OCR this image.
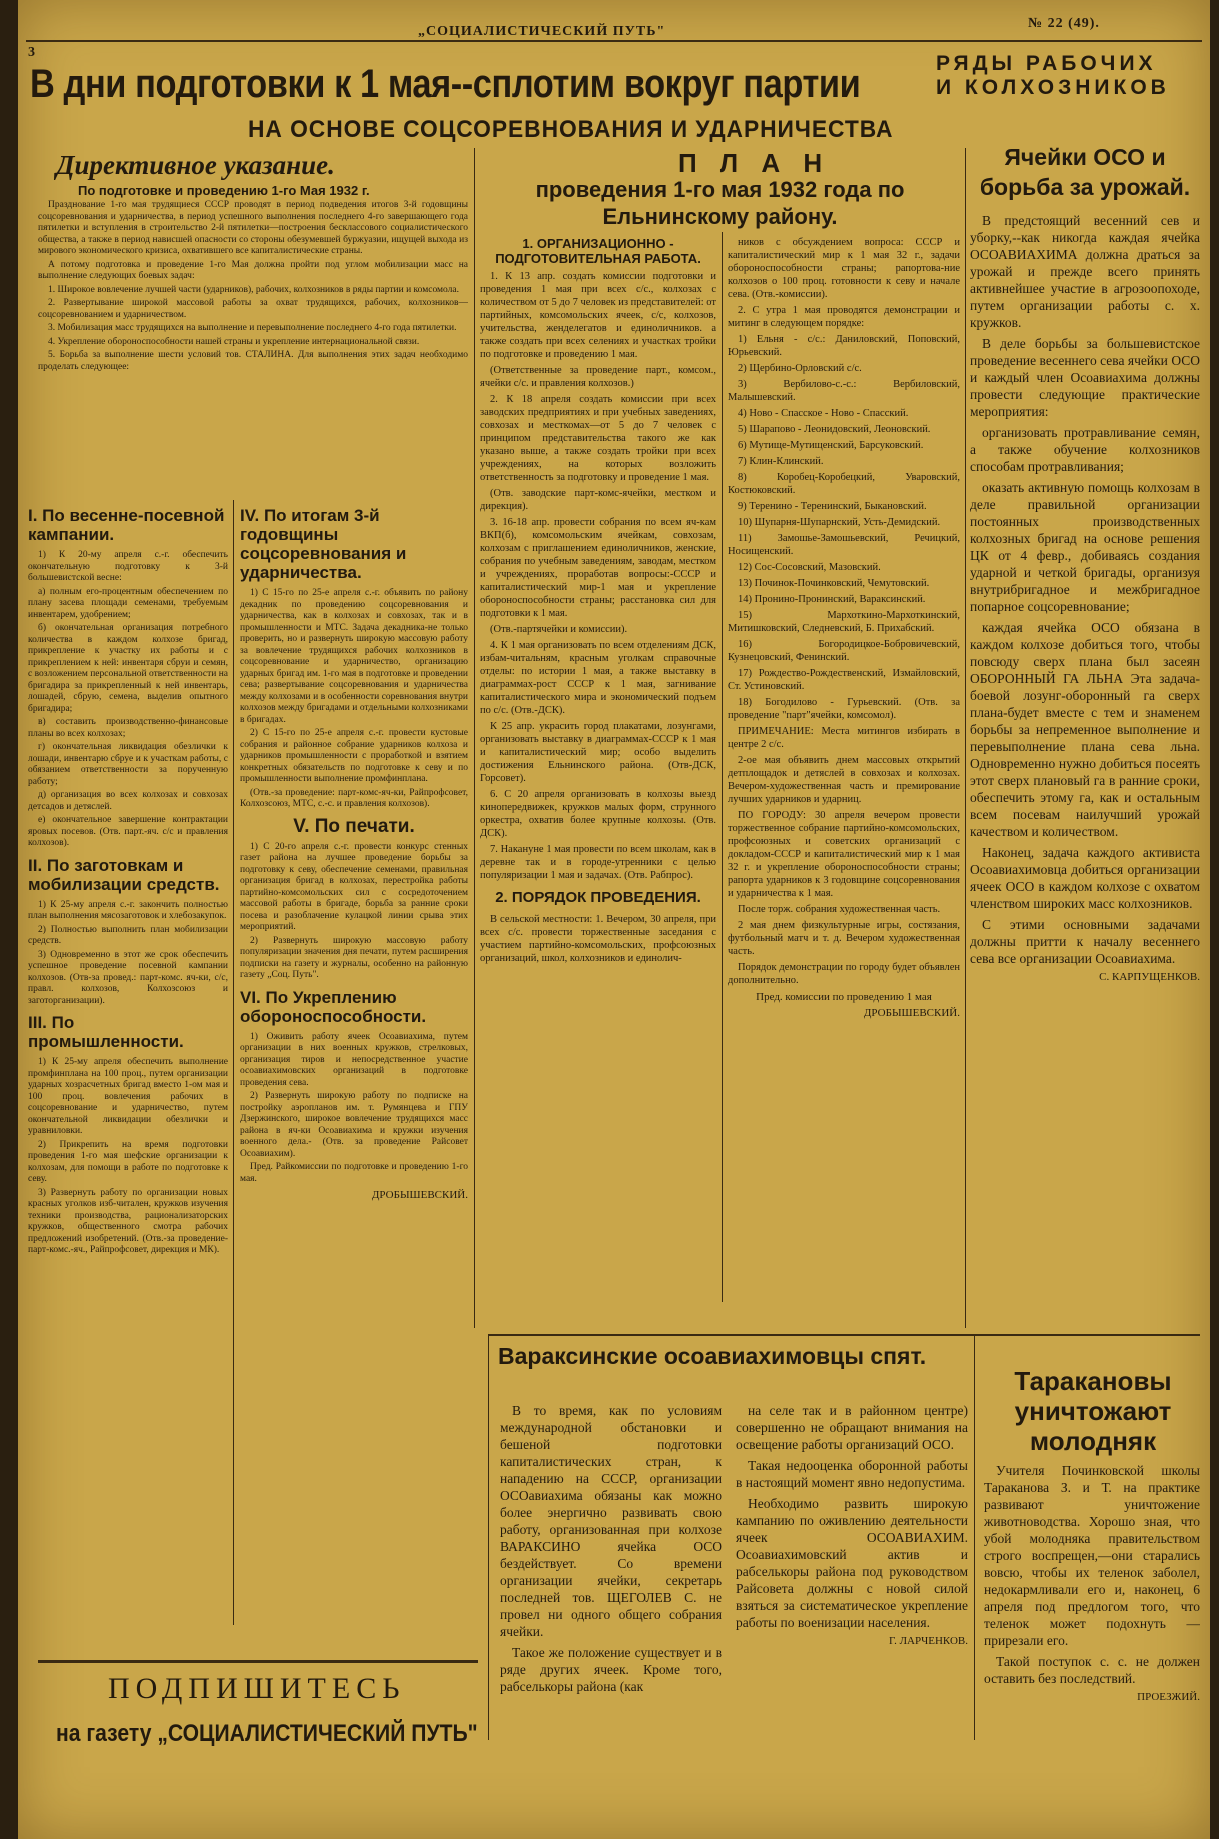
3
„СОЦИАЛИСТИЧЕСКИЙ ПУТЬ"
№ 22 (49).
В дни подготовки к 1 мая--сплотим вокруг партии	РЯДЫ РАБОЧИХ
И КОЛХОЗНИКОВ
НА ОСНОВЕ СОЦСОРЕВНОВАНИЯ И УДАРНИЧЕСТВА
Директивное указание.
По подготовке и проведению 1-го Мая 1932 г.

Празднование 1-го мая трудящиеся СССР проводят в период подведения итогов 3-й годовщины соцсоревнования и ударничества, в период успешного выполнения последнего 4-го завершающего года пятилетки и вступления в строительство 2-й пятилетки—построения бесклассового социалистического общества, а также в период нависшей опасности со стороны обезумевшей буржуазии, ищущей выхода из мирового экономического кризиса, охватившего все капиталистические страны.

А потому подготовка и проведение 1-го Мая должна пройти под углом мобилизации масс на выполнение следующих боевых задач:

1. Широкое вовлечение лучшей части (ударников), рабочих, колхозников в ряды партии и комсомола.

2. Развертывание широкой массовой работы за охват трудящихся, рабочих, колхозников—соцсоревнованием и ударничеством.

3. Мобилизация масс трудящихся на выполнение и перевыполнение последнего 4-го года пятилетки.

4. Укрепление обороноспособности нашей страны и укрепление интернациональной связи.

5. Борьба за выполнение шести условий тов. СТАЛИНА. Для выполнения этих задач необходимо проделать следующее:

I. По весенне-посевной кампании.

1) К 20-му апреля с.-г. обеспечить окончательную подготовку к 3-й большевистской весне:

а) полным его-процентным обеспечением по плану засева площади семенами, требуемым инвентарем, удобрением;

б) окончательная организация потребного количества в каждом колхозе бригад, прикрепление к участку их работы и с прикреплением к ней: инвентаря сбруи и семян, с возложением персональной ответственности на бригадира за прикрепленный к ней инвентарь, лошадей, сбрую, семена, выделив опытного бригадира;

в) составить производственно-финансовые планы во всех колхозах;

г) окончательная ликвидация обезлички к лошади, инвентарю сбруе и к участкам работы, с обязанием ответственности за порученную работу;

д) организация во всех колхозах и совхозах детсадов и детяслей.

е) окончательное завершение контрактации яровых посевов. (Отв. парт.-яч. с/с и правления колхозов).

II. По заготовкам и мобилизации средств.

1) К 25-му апреля с.-г. закончить полностью план выполнения мясозаготовок и хлебозакупок.

2) Полностью выполнить план мобилизации средств.

3) Одновременно в этот же срок обеспечить успешное проведение посевной кампании колхозов. (Отв-за провед.: парт-комс. яч-ки, с/с, правл. колхозов, Колхозсоюз и заготорганизации).

III. По промышленности.

1) К 25-му апреля обеспечить выполнение промфинплана на 100 проц., путем организации ударных хозрасчетных бригад вместо 1-ом мая и 100 проц. вовлечения рабочих в соцсоревнование и ударничество, путем окончательной ликвидации обезлички и уравниловки.

2) Прикрепить на время подготовки проведения 1-го мая шефские организации к колхозам, для помощи в работе по подготовке к севу.

3) Развернуть работу по организации новых красных уголков изб-читален, кружков изучения техники производства, рационализаторских кружков, общественного смотра рабочих предложений изобретений. (Отв.-за проведение-парт-комс.-яч., Райпрофсовет, дирекция и МК).

IV. По итогам 3-й годовщины соцсоревнования и ударничества.

1) С 15-го по 25-е апреля с.-г. объявить по району декадник по проведению соцсоревнования и ударничества, как в колхозах и совхозах, так и в промышленности и МТС. Задача декадника-не только проверить, но и развернуть широкую массовую работу за вовлечение трудящихся рабочих колхозников в соцсоревнование и ударничество, организацию ударных бригад им. 1-го мая в подготовке и проведении сева; развертывание соцсоревнования и ударничества между колхозами и в особенности соревнования внутри колхозов между бригадами и отдельными колхозниками в бригадах.

2) С 15-го по 25-е апреля с.-г. провести кустовые собрания и районное собрание ударников колхоза и ударников промышленности с проработкой и взятием конкретных обязательств по подготовке к севу и по промышленности выполнение промфинплана.

(Отв.-за проведение: парт-комс-яч-ки, Райпрофсовет, Колхозсоюз, МТС, с.-с. и правления колхозов).

V. По печати.

1) С 20-го апреля с.-г. провести конкурс стенных газет района на лучшее проведение борьбы за подготовку к севу, обеспечение семенами, правильная организация бригад в колхозах, перестройка работы партийно-комсомольских сил с сосредоточением массовой работы в бригаде, борьба за ранние сроки посева и разоблачение кулацкой линии срыва этих мероприятий.

2) Развернуть широкую массовую работу популяризации значения дня печати, путем расширения подписки на газету и журналы, особенно на районную газету „Соц. Путь".

VI. По Укреплению обороноспособности.

1) Оживить работу ячеек Осоавиахима, путем организации в них военных кружков, стрелковых, организация тиров и непосредственное участие осоавиахимовских организаций в подготовке проведения сева.

2) Развернуть широкую работу по подписке на постройку аэропланов им. т. Румянцева и ГПУ Дзержинского, широкое вовлечение трудящихся масс района в яч-ки Осоавиахима и кружки изучения военного дела.- (Отв. за проведение Райсовет Осоавиахим).

Пред. Райкомиссии по подготовке и проведению 1-го мая.

ДРОБЫШЕВСКИЙ.
П Л А Н
проведения 1-го мая 1932 года по Ельнинскому району.
1. ОРГАНИЗАЦИОННО - ПОДГОТОВИТЕЛЬНАЯ РАБОТА.

1. К 13 апр. создать комиссии подготовки и проведения 1 мая при всех с/с., колхозах с количеством от 5 до 7 человек из представителей: от партийных, комсомольских ячеек, с/с, колхозов, учительства, женделегатов и единоличников. а также создать при всех селениях и участках тройки по подготовке и проведению 1 мая.

(Ответственные за проведение парт., комсом., ячейки с/с. и правления колхозов.)

2. К 18 апреля создать комиссии при всех заводских предприятиях и при учебных заведениях, совхозах и месткомах—от 5 до 7 человек с принципом представительства такого же как указано выше, а также создать тройки при всех учреждениях, на которых возложить ответственность за подготовку и проведение 1 мая.

(Отв. заводские парт-комс-ячейки, местком и дирекция).

3. 16-18 апр. провести собрания по всем яч-кам ВКП(б), комсомольским ячейкам, совхозам, колхозам с приглашением единоличников, женские, собрания по учебным заведениям, заводам, местком и учреждениях, проработав вопросы:-СССР и капиталистический мир-1 мая и укрепление обороноспособности страны; расстановка сил для подготовки к 1 мая.

(Отв.-партячейки и комиссии).

4. К 1 мая организовать по всем отделениям ДСК, избам-читальням, красным уголкам справочные отделы: по истории 1 мая, а также выставку в диаграммах-рост СССР к 1 мая, загнивание капиталистического мира и экономический подъем по с/с. (Отв.-ДСК).

К 25 апр. украсить город плакатами, лозунгами, организовать выставку в диаграммах-СССР к 1 мая и капиталистический мир; особо выделить достижения Ельнинского района. (Отв-ДСК, Горсовет).

6. С 20 апреля организовать в колхозы выезд кинопередвижек, кружков малых форм, струнного оркестра, охватив более крупные колхозы. (Отв. ДСК).

7. Накануне 1 мая провести по всем школам, как в деревне так и в городе-утренники с целью популяризации 1 мая и задачах. (Отв. Рабпрос).

2. ПОРЯДОК ПРОВЕДЕНИЯ.

В сельской местности: 1. Вечером, 30 апреля, при всех с/с. провести торжественные заседания с участием партийно-комсомольских, профсоюзных организаций, школ, колхозников и единолич-

ников с обсуждением вопроса: СССР и капиталистический мир к 1 мая 32 г., задачи обороноспособности страны; рапортова-ние колхозов о 100 проц. готовности к севу и начале сева. (Отв.-комиссии).

2. С утра 1 мая проводятся демонстрации и митинг в следующем порядке:

1) Ельня - с/с.: Даниловский, Поповский, Юрьевский.

2) Щербино-Орловский с/с.

3) Вербилово-с.-с.: Вербиловский, Малышевский.

4) Ново - Спасское - Ново - Спасский.

5) Шарапово - Леонидовский, Леоновский.

6) Мутище-Мутищенский, Барсуковский.

7) Клин-Клинский.

8) Коробец-Коробецкий, Уваровский, Костюковский.

9) Теренино - Теренинский, Быкановский.

10) Шупарня-Шупарнский, Усть-Демидский.

11) Замошье-Замошьевский, Речицкий, Носищенский.

12) Сос-Сосовский, Мазовский.

13) Починок-Починковский, Чемутовский.

14) Пронино-Пронинский, Вараксинский.

15) Мархоткино-Мархоткинский, Митишковский, Следневский, Б. Прихабский.

16) Богородицкое-Бобровичевский, Кузнецовский, Фенинский.

17) Рождество-Рождественский, Измайловский, Ст. Устиновский.

18) Богодилово - Гурьевский. (Отв. за проведение "парт"ячейки, комсомол).

ПРИМЕЧАНИЕ: Места митингов избирать в центре 2 с/с.

2-ое мая объявить днем массовых открытий детплощадок и детяслей в совхозах и колхозах. Вечером-художественная часть и премирование лучших ударников и ударниц.

ПО ГОРОДУ: 30 апреля вечером провести торжественное собрание партийно-комсомольских, профсоюзных и советских организаций с докладом-СССР и капиталистический мир к 1 мая 32 г. и укрепление обороноспособности страны; рапорта ударников к 3 годовщине соцсоревнования и ударничества к 1 мая.

После торж. собрания художественная часть.

2 мая днем физкультурные игры, состязания, футбольный матч и т. д. Вечером художественная часть.

Порядок демонстрации по городу будет объявлен дополнительно.

Пред. комиссии по проведению 1 мая
ДРОБЫШЕВСКИЙ.
Ячейки ОСО и борьба за урожай.

В предстоящий весенний сев и уборку,--как никогда каждая ячейка ОСОАВИАХИМА должна драться за урожай и прежде всего принять активнейшее участие в агрозоопоходе, путем организации работы с. х. кружков.

В деле борьбы за большевистское проведение весеннего сева ячейки ОСО и каждый член Осоавиахима должны провести следующие практические мероприятия:

организовать протравливание семян, а также обучение колхозников способам протравливания;

оказать активную помощь колхозам в деле правильной организации постоянных производственных колхозных бригад на основе решения ЦК от 4 февр., добиваясь создания ударной и четкой бригады, организуя внутрибригадное и межбригадное попарное соцсоревнование;

каждая ячейка ОСО обязана в каждом колхозе добиться того, чтобы повсюду сверх плана был засеян ОБОРОННЫЙ ГА ЛЬНА Эта задача-боевой лозунг-оборонный га сверх плана-будет вместе с тем и знаменем борьбы за непременное выполнение и перевыполнение плана сева льна. Одновременно нужно добиться посеять этот сверх плановый га в ранние сроки, обеспечить этому га, как и остальным всем посевам наилучший урожай качеством и количеством.

Наконец, задача каждого активиста Осоавиахимовца добиться организации ячеек ОСО в каждом колхозе с охватом членством широких масс колхозников.

С этими основными задачами должны притти к началу весеннего сева все организации Осоавиахима.

С. КАРПУЩЕНКОВ.
Вараксинские осоавиахимовцы спят.

В то время, как по условиям международной обстановки и бешеной подготовки капиталистических стран, к нападению на СССР, организации ОСОавиахима обязаны как можно более энергично развивать свою работу, организованная при колхозе ВАРАКСИНО ячейка ОСО бездействует. Со времени организации ячейки, секретарь последней тов. ЩЕГОЛЕВ С. не провел ни одного общего собрания ячейки.

Такое же положение существует и в ряде других ячеек. Кроме того, рабселькоры района (как

на селе так и в районном центре) совершенно не обращают внимания на освещение работы организаций ОСО.

Такая недооценка оборонной работы в настоящий момент явно недопустима.

Необходимо развить широкую кампанию по оживлению деятельности ячеек ОСОАВИАХИМ. Осоавиахимовский актив и рабселькоры района под руководством Райсовета должны с новой силой взяться за систематическое укрепление работы по военизации населения.

Г. ЛАРЧЕНКОВ.
Таракановы уничтожают молодняк

Учителя Починковской школы Тараканова З. и Т. на практике развивают уничтожение животноводства. Хорошо зная, что убой молодняка правительством строго воспрещен,—они старались вовсю, чтобы их теленок заболел, недокармливали его и, наконец, 6 апреля под предлогом того, что теленок может подохнуть — прирезали его.

Такой поступок с. с. не должен оставить без последствий.

ПРОЕЗЖИЙ.
ПОДПИШИТЕСЬ
на газету „СОЦИАЛИСТИЧЕСКИЙ ПУТЬ"
